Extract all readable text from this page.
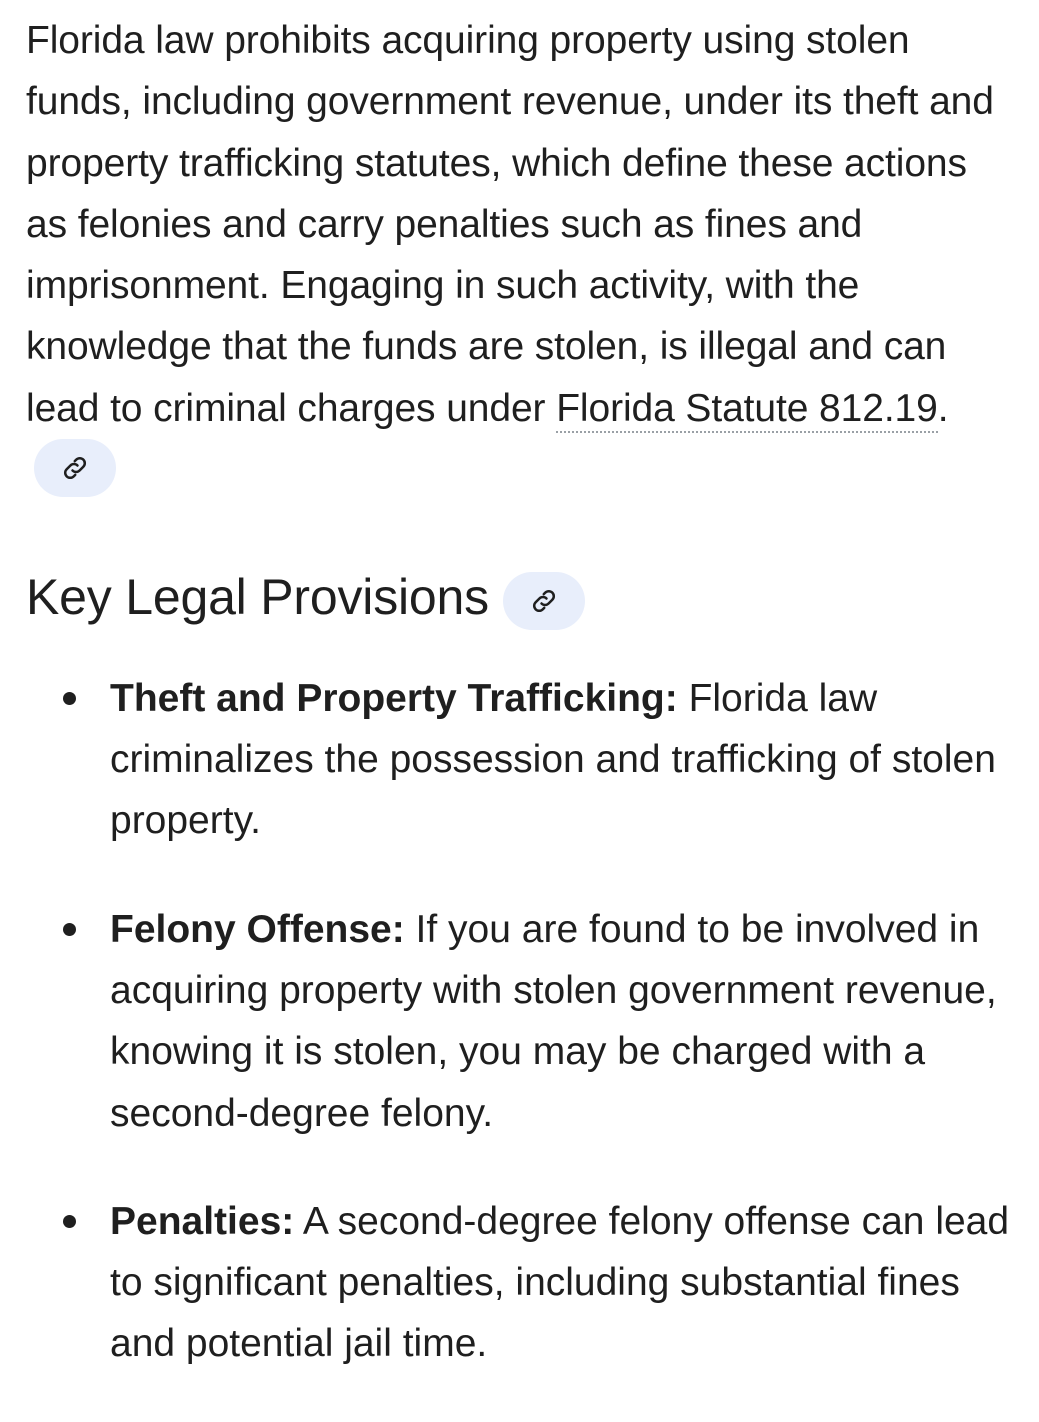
Florida law prohibits acquiring property using stolen funds, including government revenue, under its theft and property trafficking statutes, which define these actions as felonies and carry penalties such as fines and imprisonment. Engaging in such activity, with the knowledge that the funds are stolen, is illegal and can lead to criminal charges under Florida Statute 812.19.

Key Legal Provisions
Theft and Property Trafficking: Florida law criminalizes the possession and trafficking of stolen property.
Felony Offense: If you are found to be involved in acquiring property with stolen government revenue, knowing it is stolen, you may be charged with a second-degree felony.
Penalties: A second-degree felony offense can lead to significant penalties, including substantial fines and potential jail time.
